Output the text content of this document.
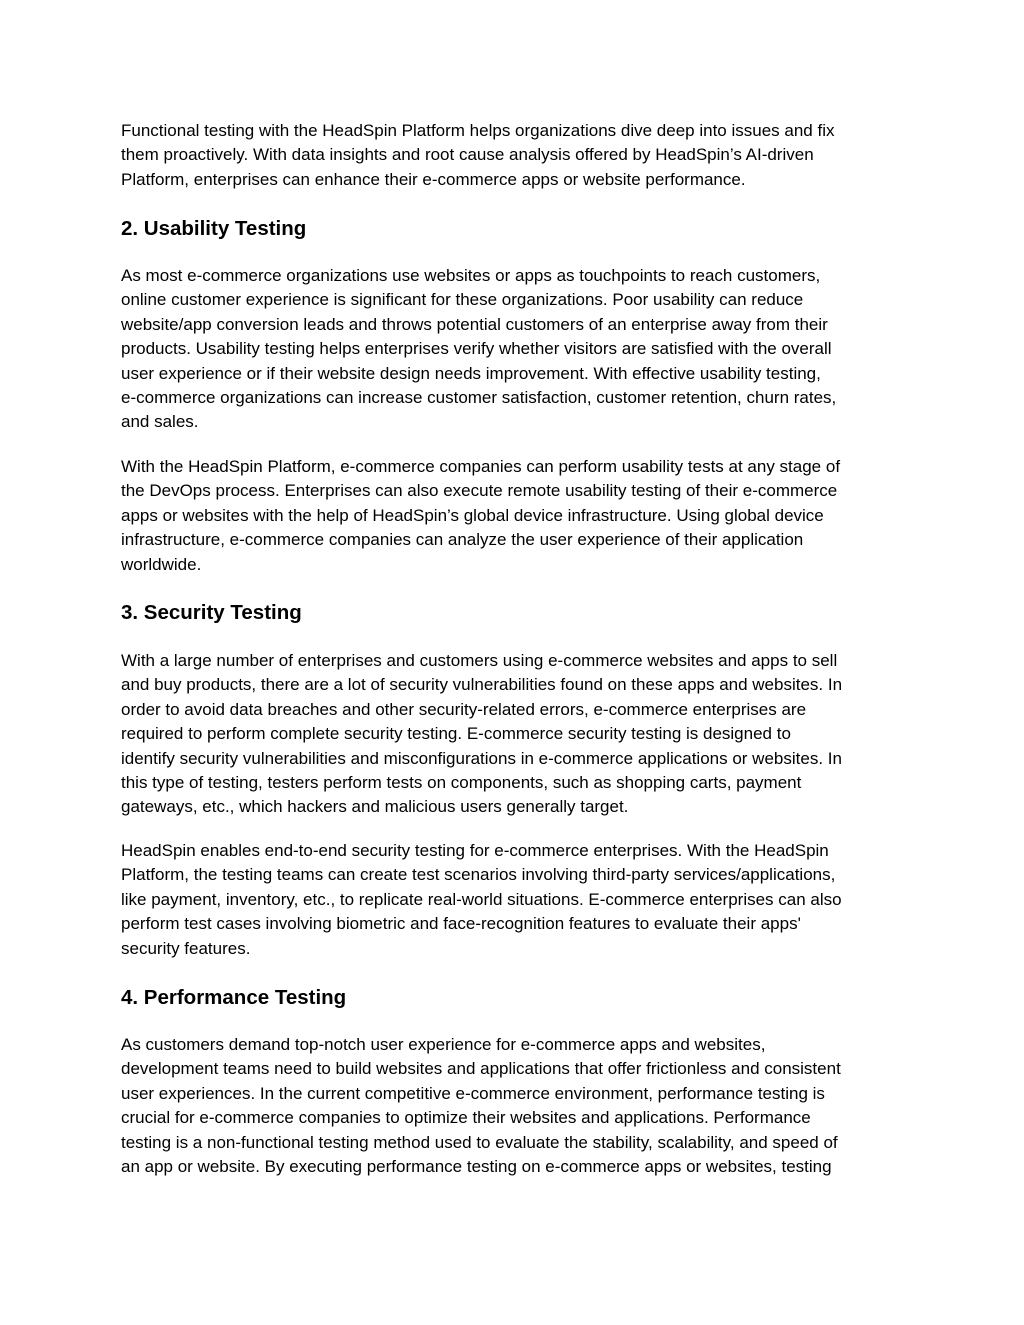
Functional testing with the HeadSpin Platform helps organizations dive deep into issues and fix
them proactively. With data insights and root cause analysis offered by HeadSpin’s AI-driven
Platform, enterprises can enhance their e-commerce apps or website performance.

2. Usability Testing

As most e-commerce organizations use websites or apps as touchpoints to reach customers,
online customer experience is significant for these organizations. Poor usability can reduce
website/app conversion leads and throws potential customers of an enterprise away from their
products. Usability testing helps enterprises verify whether visitors are satisfied with the overall
user experience or if their website design needs improvement. With effective usability testing,
e-commerce organizations can increase customer satisfaction, customer retention, churn rates,
and sales.

With the HeadSpin Platform, e-commerce companies can perform usability tests at any stage of
the DevOps process. Enterprises can also execute remote usability testing of their e-commerce
apps or websites with the help of HeadSpin’s global device infrastructure. Using global device
infrastructure, e-commerce companies can analyze the user experience of their application
worldwide.

3. Security Testing

With a large number of enterprises and customers using e-commerce websites and apps to sell
and buy products, there are a lot of security vulnerabilities found on these apps and websites. In
order to avoid data breaches and other security-related errors, e-commerce enterprises are
required to perform complete security testing. E-commerce security testing is designed to
identify security vulnerabilities and misconfigurations in e-commerce applications or websites. In
this type of testing, testers perform tests on components, such as shopping carts, payment
gateways, etc., which hackers and malicious users generally target.

HeadSpin enables end-to-end security testing for e-commerce enterprises. With the HeadSpin
Platform, the testing teams can create test scenarios involving third-party services/applications,
like payment, inventory, etc., to replicate real-world situations. E-commerce enterprises can also
perform test cases involving biometric and face-recognition features to evaluate their apps'
security features.

4. Performance Testing

As customers demand top-notch user experience for e-commerce apps and websites,
development teams need to build websites and applications that offer frictionless and consistent
user experiences. In the current competitive e-commerce environment, performance testing is
crucial for e-commerce companies to optimize their websites and applications. Performance
testing is a non-functional testing method used to evaluate the stability, scalability, and speed of
an app or website. By executing performance testing on e-commerce apps or websites, testing
